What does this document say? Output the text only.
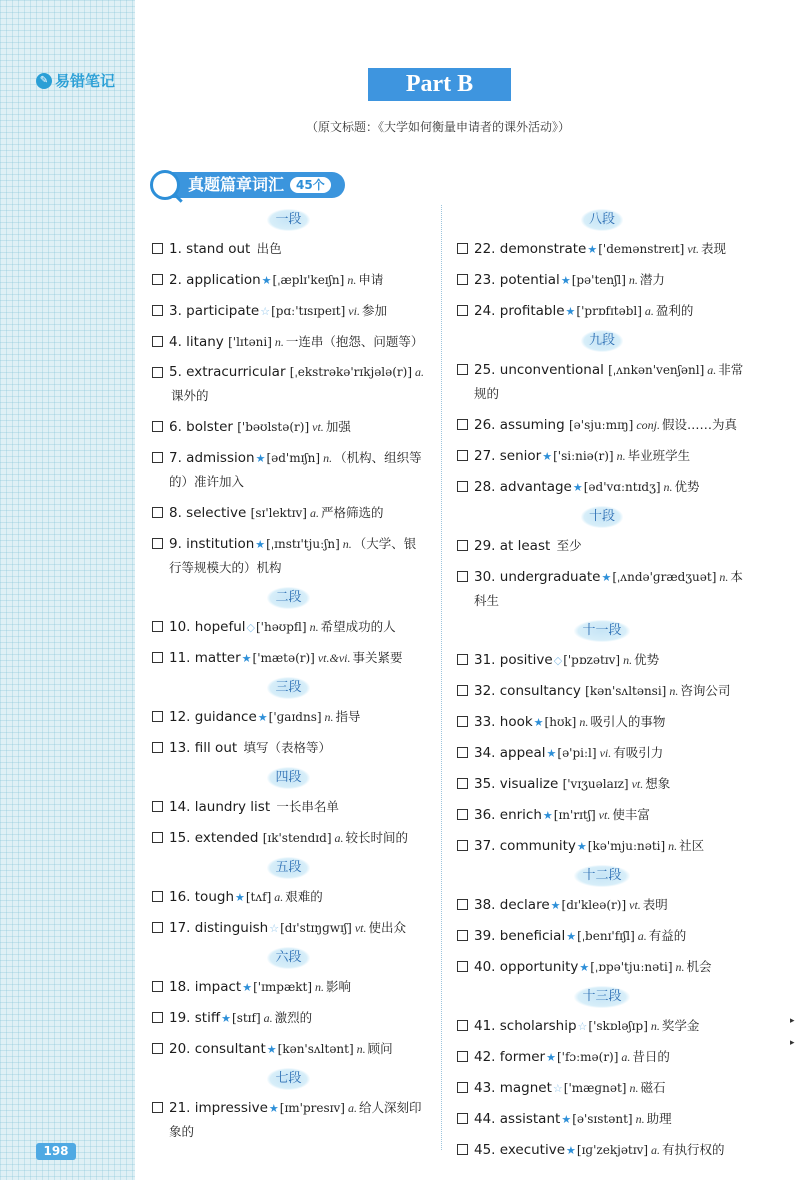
✎ 易错笔记
198
Part B
（原文标题：《大学如何衡量申请者的课外活动》）
真题篇章词汇	45个
一段
1. stand out 出色
2. application★[ˌæplɪ'keɪʃn] n. 申请
3. participate☆[pɑː'tɪsɪpeɪt] vi. 参加
4. litany ['lɪtəni] n. 一连串（抱怨、问题等）
5. extracurricular [ˌekstrəkə'rɪkjələ(r)] a.课外的
6. bolster ['bəʊlstə(r)] vt. 加强
7. admission★[əd'mɪʃn] n. （机构、组织等的）准许加入
8. selective [sɪ'lektɪv] a. 严格筛选的
9. institution★[ˌɪnstɪ'tjuːʃn] n. （大学、银行等规模大的）机构
二段
10. hopeful◇['həʊpfl] n. 希望成功的人
11. matter★['mætə(r)] vt.&vi. 事关紧要
三段
12. guidance★['ɡaɪdns] n. 指导
13. fill out 填写（表格等）
四段
14. laundry list 一长串名单
15. extended [ɪk'stendɪd] a. 较长时间的
五段
16. tough★[tʌf] a. 艰难的
17. distinguish☆[dɪ'stɪŋɡwɪʃ] vt. 使出众
六段
18. impact★['ɪmpækt] n. 影响
19. stiff★[stɪf] a. 激烈的
20. consultant★[kən'sʌltənt] n. 顾问
七段
21. impressive★[ɪm'presɪv] a. 给人深刻印象的
八段
22. demonstrate★['demənstreɪt] vt. 表现
23. potential★[pə'tenʃl] n. 潜力
24. profitable★['prɒfɪtəbl] a. 盈利的
九段
25. unconventional [ˌʌnkən'venʃənl] a. 非常规的
26. assuming [ə'sjuːmɪŋ] conj. 假设……为真
27. senior★['siːniə(r)] n. 毕业班学生
28. advantage★[əd'vɑːntɪdʒ] n. 优势
十段
29. at least 至少
30. undergraduate★[ˌʌndə'ɡrædʒuət] n. 本科生
十一段
31. positive◇['pɒzətɪv] n. 优势
32. consultancy [kən'sʌltənsi] n. 咨询公司
33. hook★[hʊk] n. 吸引人的事物
34. appeal★[ə'piːl] vi. 有吸引力
35. visualize ['vɪʒuəlaɪz] vt. 想象
36. enrich★[ɪn'rɪtʃ] vt. 使丰富
37. community★[kə'mjuːnəti] n. 社区
十二段
38. declare★[dɪ'kleə(r)] vt. 表明
39. beneficial★[ˌbenɪ'fɪʃl] a. 有益的
40. opportunity★[ˌɒpə'tjuːnəti] n. 机会
十三段
41. scholarship☆['skɒləʃɪp] n. 奖学金
42. former★['fɔːmə(r)] a. 昔日的
43. magnet☆['mæɡnət] n. 磁石
44. assistant★[ə'sɪstənt] n. 助理
45. executive★[ɪɡ'zekjətɪv] a. 有执行权的
▸
▸
